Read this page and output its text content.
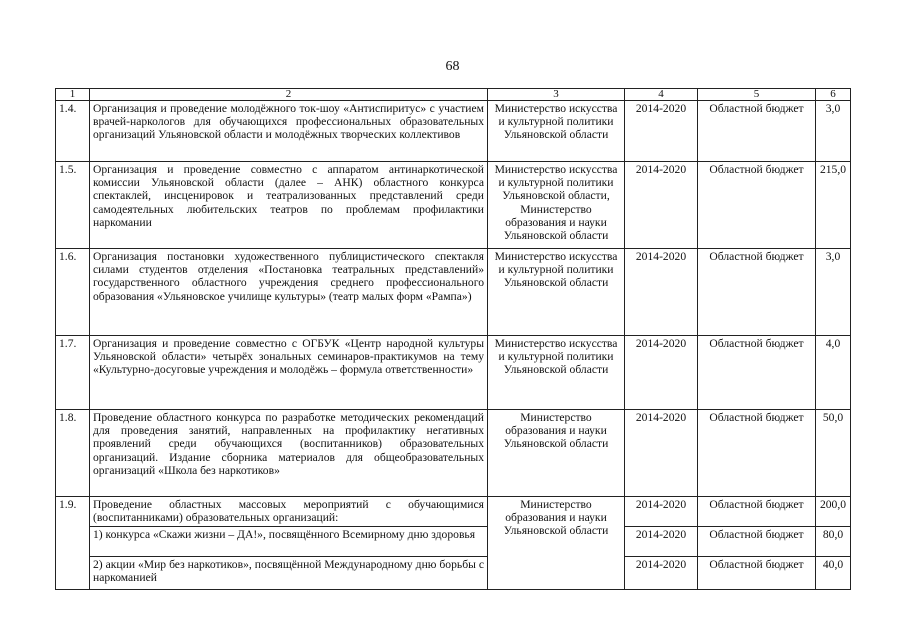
68
1	2	3	4	5	6
1.4.	Организация и проведение молодёжного ток-шоу «Антиспиритус» с участием врачей-наркологов для обучающихся профессиональных образовательных организаций Ульяновской области и молодёжных творческих коллективов	Министерство искусства и культурной политики Ульяновской области	2014-2020	Областной бюджет	3,0
1.5.	Организация и проведение совместно с аппаратом антинаркотической комиссии Ульяновской области (далее – АНК) областного конкурса спектаклей, инсценировок и театрализованных представлений среди самодеятельных любительских театров по проблемам профилактики наркомании	Министерство искусства и культурной политики Ульяновской области, Министерство образования и науки Ульяновской области	2014-2020	Областной бюджет	215,0
1.6.	Организация постановки художественного публицистического спектакля силами студентов отделения «Постановка театральных представлений» государственного областного учреждения среднего профессионального образования «Ульяновское училище культуры» (театр малых форм «Рампа»)	Министерство искусства и культурной политики Ульяновской области	2014-2020	Областной бюджет	3,0
1.7.	Организация и проведение совместно с ОГБУК «Центр народной культуры Ульяновской области» четырёх зональных семинаров-практикумов на тему «Культурно-досуговые учреждения и молодёжь – формула ответственности»	Министерство искусства и культурной политики Ульяновской области	2014-2020	Областной бюджет	4,0
1.8.	Проведение областного конкурса по разработке методических рекомендаций для проведения занятий, направленных на профилактику негативных проявлений среди обучающихся (воспитанников) образовательных организаций. Издание сборника материалов для общеобразовательных организаций «Школа без наркотиков»	Министерство образования и науки Ульяновской области	2014-2020	Областной бюджет	50,0
1.9.	Проведение областных массовых мероприятий с обучающимися (воспитанниками) образовательных организаций:	Министерство образования и науки Ульяновской области	2014-2020	Областной бюджет	200,0
	1) конкурса «Скажи жизни – ДА!», посвящённого Всемирному дню здоровья		2014-2020	Областной бюджет	80,0
	2) акции «Мир без наркотиков», посвящённой Международному дню борьбы с наркоманией		2014-2020	Областной бюджет	40,0
